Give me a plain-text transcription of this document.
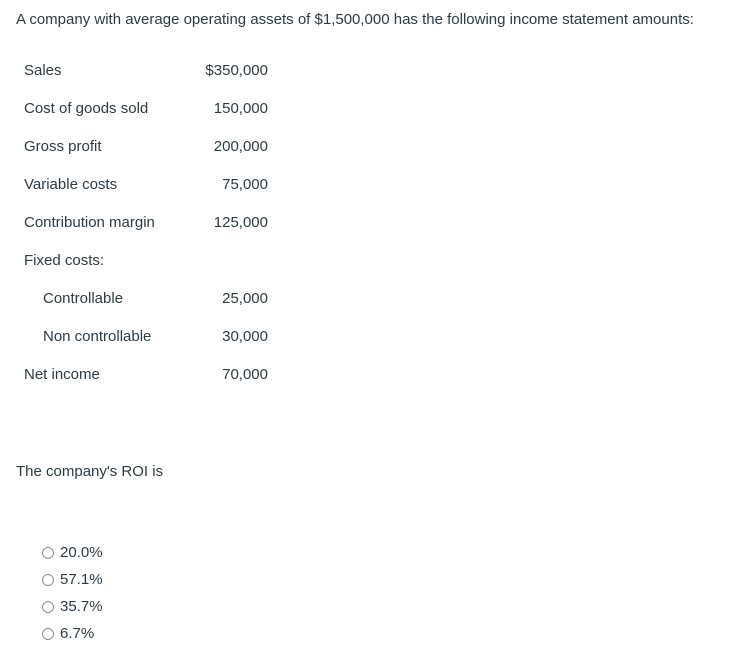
A company with average operating assets of $1,500,000 has the following income statement amounts:
Sales	$350,000
Cost of goods sold	150,000
Gross profit	200,000
Variable costs	75,000
Contribution margin	125,000
Fixed costs:
Controllable	25,000
Non controllable	30,000
Net income	70,000
The company's ROI is
20.0%
57.1%
35.7%
6.7%
